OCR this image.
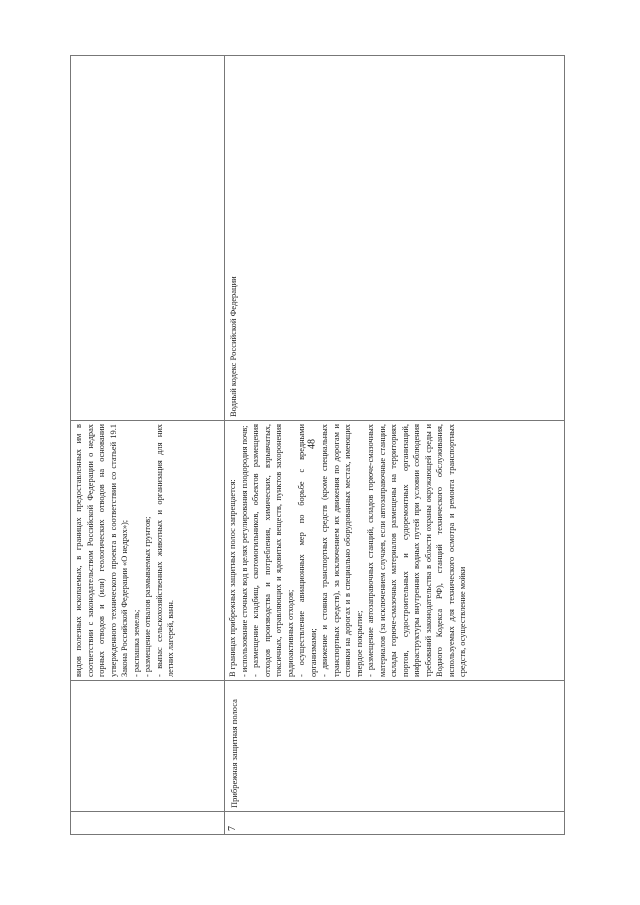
48
видов полезных ископаемых, в границах предоставленных им в соответствии с законодательством Российской Федерации о недрах горных отводов и (или) геологических отводов на основании утвержденного технического проекта в соответствии со статьей 19.1 Закона Российской Федерации «О недрах»); - распашка земель; - размещение отвалов размываемых грунтов; - выпас сельскохозяйственных животных и организация для них летних лагерей, ванн.
7
Прибрежная защитная полоса
В границах прибрежных защитных полос запрещается: - использование сточных вод в целях регулирования плодородия почв; - размещение кладбищ, скотомогильников, объектов размещения отходов производства и потребления, химических, взрывчатых, токсичных, отравляющих и ядовитых веществ, пунктов захоронения радиоактивных отходов; - осуществление авиационных мер по борьбе с вредными организмами; - движение и стоянка транспортных средств (кроме специальных транспортных средств), за исключением их движения по дорогам и стоянки на дорогах и в специально оборудованных местах, имеющих твердое покрытие; - размещение автозаправочных станций, складов горюче-смазочных материалов (за исключением случаев, если автозаправочные станции, склады горюче-смазочных материалов размещены на территориях портов, судостроительных и судоремонтных организаций, инфраструктуры внутренних водных путей при условии соблюдения требований законодательства в области охраны окружающей среды и Водного Кодекса РФ), станций технического обслуживания, используемых для технического осмотра и ремонта транспортных средств, осуществление мойки
Водный кодекс Российской Федерации
